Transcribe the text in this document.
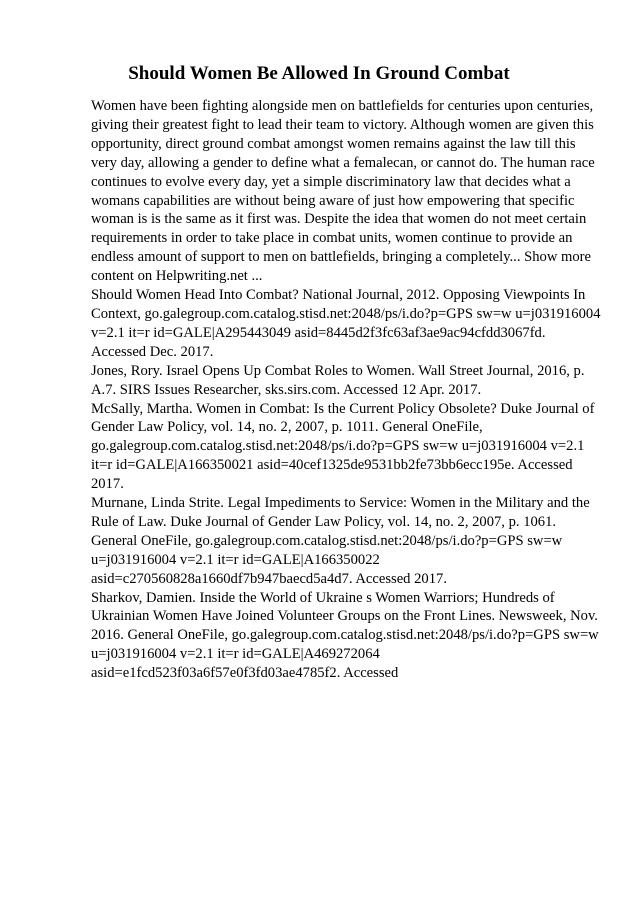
Should Women Be Allowed In Ground Combat

Women have been fighting alongside men on battlefields for centuries upon centuries, giving their greatest fight to lead their team to victory. Although women are given this opportunity, direct ground combat amongst women remains against the law till this very day, allowing a gender to define what a femalecan, or cannot do. The human race continues to evolve every day, yet a simple discriminatory law that decides what a womans capabilities are without being aware of just how empowering that specific woman is is the same as it first was. Despite the idea that women do not meet certain requirements in order to take place in combat units, women continue to provide an endless amount of support to men on battlefields, bringing a completely... Show more content on Helpwriting.net ...

Should Women Head Into Combat? National Journal, 2012. Opposing Viewpoints In Context, go.galegroup.com.catalog.stisd.net:2048/ps/i.do?p=GPS sw=w u=j031916004 v=2.1 it=r id=GALE|A295443049 asid=8445d2f3fc63af3ae9ac94cfdd3067fd. Accessed Dec. 2017.

Jones, Rory. Israel Opens Up Combat Roles to Women. Wall Street Journal, 2016, p. A.7. SIRS Issues Researcher, sks.sirs.com. Accessed 12 Apr. 2017.

McSally, Martha. Women in Combat: Is the Current Policy Obsolete? Duke Journal of Gender Law Policy, vol. 14, no. 2, 2007, p. 1011. General OneFile, go.galegroup.com.catalog.stisd.net:2048/ps/i.do?p=GPS sw=w u=j031916004 v=2.1 it=r id=GALE|A166350021 asid=40cef1325de9531bb2fe73bb6ecc195e. Accessed 2017.

Murnane, Linda Strite. Legal Impediments to Service: Women in the Military and the Rule of Law. Duke Journal of Gender Law Policy, vol. 14, no. 2, 2007, p. 1061. General OneFile, go.galegroup.com.catalog.stisd.net:2048/ps/i.do?p=GPS sw=w u=j031916004 v=2.1 it=r id=GALE|A166350022 asid=c270560828a1660df7b947baecd5a4d7. Accessed 2017.

Sharkov, Damien. Inside the World of Ukraine s Women Warriors; Hundreds of Ukrainian Women Have Joined Volunteer Groups on the Front Lines. Newsweek, Nov. 2016. General OneFile, go.galegroup.com.catalog.stisd.net:2048/ps/i.do?p=GPS sw=w u=j031916004 v=2.1 it=r id=GALE|A469272064 asid=e1fcd523f03a6f57e0f3fd03ae4785f2. Accessed
